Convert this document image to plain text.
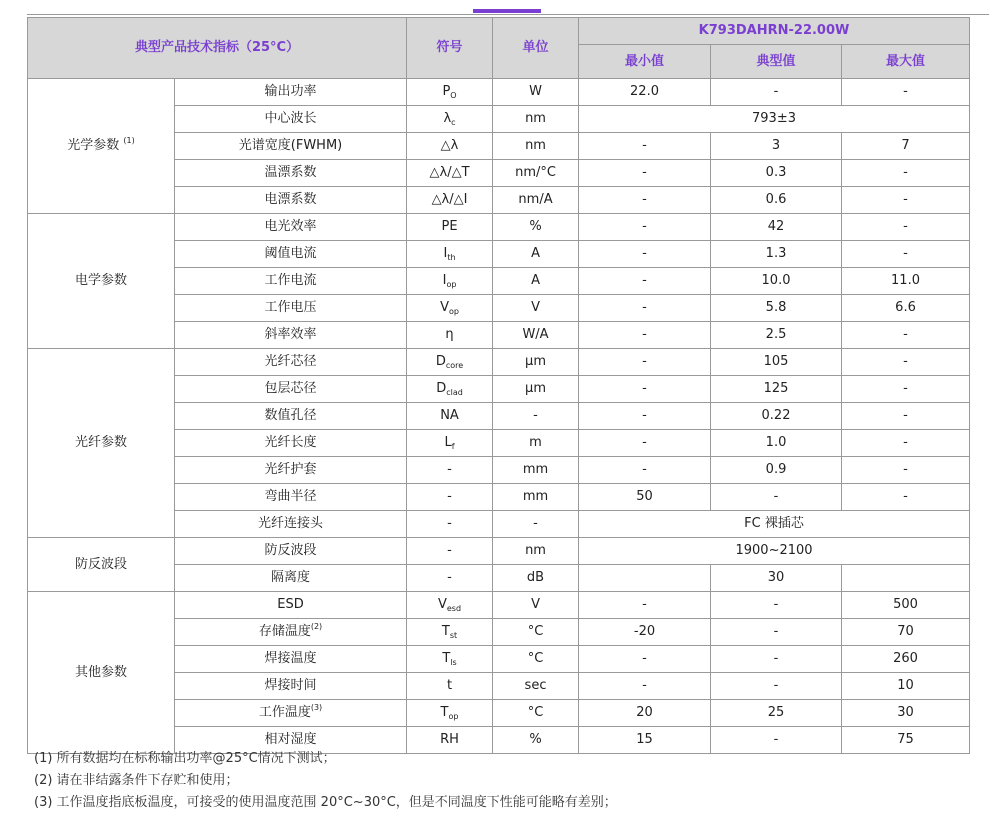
典型产品技术指标（25°C）		符号	单位	K793DAHRN-22.00W		
				最小值	典型值	最大值
光学参数 $^{(1)}$	输出功率	$P_O$	W	22.0	-	-
	中心波长	$\lambda_c$	nm	793±3		
	光谱宽度(FWHM)	△λ	nm	-	3	7
	温漂系数	△λ/△T	nm/°C	-	0.3	-
	电漂系数	△λ/△I	nm/A	-	0.6	-
电学参数	电光效率	PE	%	-	42	-
	阈值电流	$I_{th}$	A	-	1.3	-
	工作电流	$I_{op}$	A	-	10.0	11.0
	工作电压	$V_{op}$	V	-	5.8	6.6
	斜率效率	η	W/A	-	2.5	-
光纤参数	光纤芯径	$D_{core}$	μm	-	105	-
	包层芯径	$D_{clad}$	μm	-	125	-
	数值孔径	NA	-	-	0.22	-
	光纤长度	$L_f$	m	-	1.0	-
	光纤护套	-	mm	-	0.9	-
	弯曲半径	-	mm	50	-	-
	光纤连接头	-	-	FC 裸插芯		
防反波段	防反波段	-	nm	1900~2100		
	隔离度	-	dB		30	
其他参数	ESD	$V_{esd}$	V	-	-	500
	存储温度$^{(2)}$	$T_{st}$	°C	-20	-	70
	焊接温度	$T_{ls}$	°C	-	-	260
	焊接时间	t	sec	-	-	10
	工作温度$^{(3)}$	$T_{op}$	°C	20	25	30
	相对湿度	RH	%	15	-	75
(1) 所有数据均在标称输出功率@25°C情况下测试；
(2) 请在非结露条件下存贮和使用；
(3) 工作温度指底板温度，可接受的使用温度范围 20°C~30°C，但是不同温度下性能可能略有差别；
